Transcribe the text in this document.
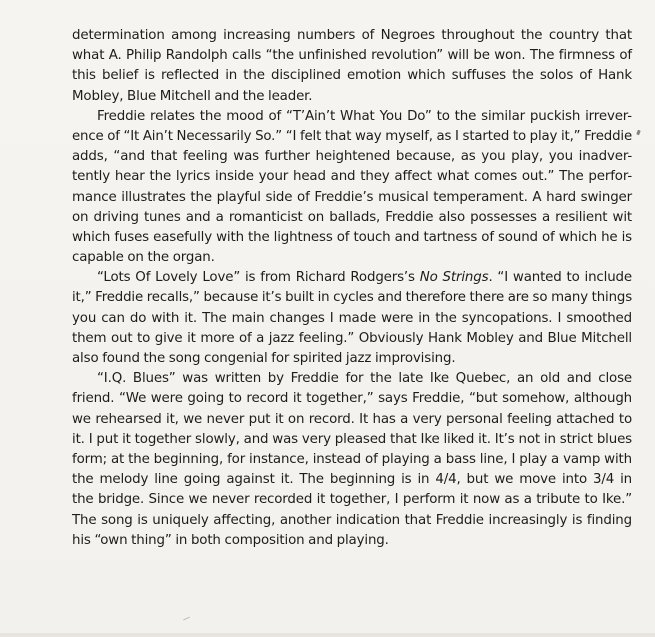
determination among increasing numbers of Negroes throughout the country that
what A. Philip Randolph calls “the unfinished revolution” will be won. The firmness of
this belief is reflected in the disciplined emotion which suffuses the solos of Hank
Mobley, Blue Mitchell and the leader.
Freddie relates the mood of “T’Ain’t What You Do” to the similar puckish irrever-
ence of “It Ain’t Necessarily So.” “I felt that way myself, as I started to play it,” Freddie
adds, “and that feeling was further heightened because, as you play, you inadver-
tently hear the lyrics inside your head and they affect what comes out.” The perfor-
mance illustrates the playful side of Freddie’s musical temperament. A hard swinger
on driving tunes and a romanticist on ballads, Freddie also possesses a resilient wit
which fuses easefully with the lightness of touch and tartness of sound of which he is
capable on the organ.
“Lots Of Lovely Love” is from Richard Rodgers’s No Strings. “I wanted to include
it,” Freddie recalls,” because it’s built in cycles and therefore there are so many things
you can do with it. The main changes I made were in the syncopations. I smoothed
them out to give it more of a jazz feeling.” Obviously Hank Mobley and Blue Mitchell
also found the song congenial for spirited jazz improvising.
“I.Q. Blues” was written by Freddie for the late Ike Quebec, an old and close
friend. “We were going to record it together,” says Freddie, “but somehow, although
we rehearsed it, we never put it on record. It has a very personal feeling attached to
it. I put it together slowly, and was very pleased that Ike liked it. It’s not in strict blues
form; at the beginning, for instance, instead of playing a bass line, I play a vamp with
the melody line going against it. The beginning is in 4/4, but we move into 3/4 in
the bridge. Since we never recorded it together, I perform it now as a tribute to Ike.”
The song is uniquely affecting, another indication that Freddie increasingly is finding
his “own thing” in both composition and playing.
